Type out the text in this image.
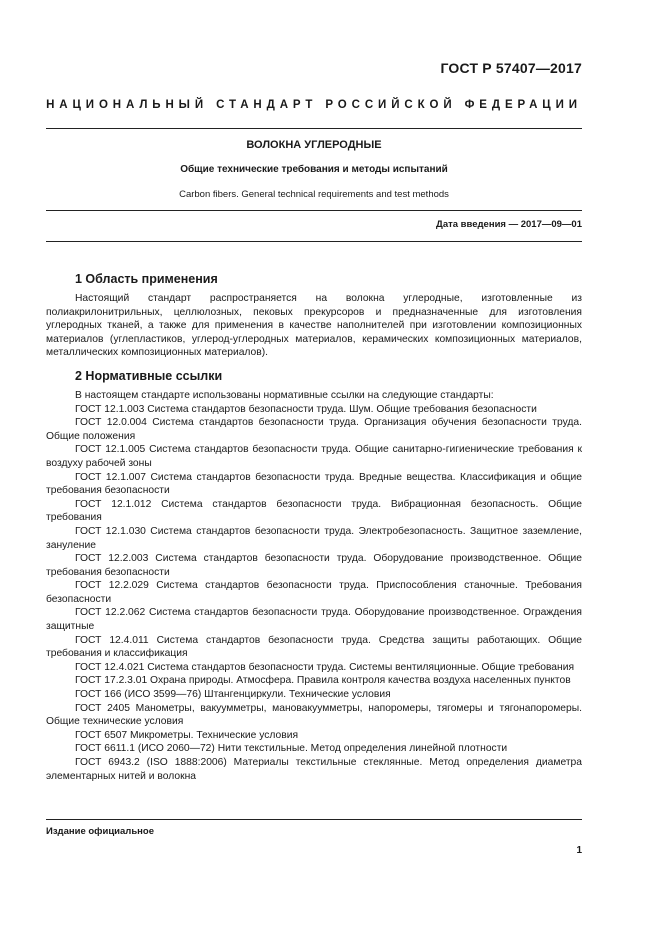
ГОСТ Р 57407—2017
НАЦИОНАЛЬНЫЙ СТАНДАРТ РОССИЙСКОЙ ФЕДЕРАЦИИ
ВОЛОКНА УГЛЕРОДНЫЕ
Общие технические требования и методы испытаний
Carbon fibers. General technical requirements and test methods
Дата введения — 2017—09—01
1 Область применения

Настоящий стандарт распространяется на волокна углеродные, изготовленные из полиакрилонитрильных, целлюлозных, пековых прекурсоров и предназначенные для изготовления углеродных тканей, а также для применения в качестве наполнителей при изготовлении композиционных материалов (углепластиков, углерод-углеродных материалов, керамических композиционных материалов, металлических композиционных материалов).

2 Нормативные ссылки

В настоящем стандарте использованы нормативные ссылки на следующие стандарты:

ГОСТ 12.1.003 Система стандартов безопасности труда. Шум. Общие требования безопасности

ГОСТ 12.0.004 Система стандартов безопасности труда. Организация обучения безопасности труда. Общие положения

ГОСТ 12.1.005 Система стандартов безопасности труда. Общие санитарно-гигиенические требования к воздуху рабочей зоны

ГОСТ 12.1.007 Система стандартов безопасности труда. Вредные вещества. Классификация и общие требования безопасности

ГОСТ 12.1.012 Система стандартов безопасности труда. Вибрационная безопасность. Общие требования

ГОСТ 12.1.030 Система стандартов безопасности труда. Электробезопасность. Защитное заземление, зануление

ГОСТ 12.2.003 Система стандартов безопасности труда. Оборудование производственное. Общие требования безопасности

ГОСТ 12.2.029 Система стандартов безопасности труда. Приспособления станочные. Требования безопасности

ГОСТ 12.2.062 Система стандартов безопасности труда. Оборудование производственное. Ограждения защитные

ГОСТ 12.4.011 Система стандартов безопасности труда. Средства защиты работающих. Общие требования и классификация

ГОСТ 12.4.021 Система стандартов безопасности труда. Системы вентиляционные. Общие требования

ГОСТ 17.2.3.01 Охрана природы. Атмосфера. Правила контроля качества воздуха населенных пунктов

ГОСТ 166 (ИСО 3599—76) Штангенциркули. Технические условия

ГОСТ 2405 Манометры, вакуумметры, мановакуумметры, напоромеры, тягомеры и тягонапоромеры. Общие технические условия

ГОСТ 6507 Микрометры. Технические условия

ГОСТ 6611.1 (ИСО 2060—72) Нити текстильные. Метод определения линейной плотности

ГОСТ 6943.2 (ISO 1888:2006) Материалы текстильные стеклянные. Метод определения диаметра элементарных нитей и волокна

Издание официальное
1
